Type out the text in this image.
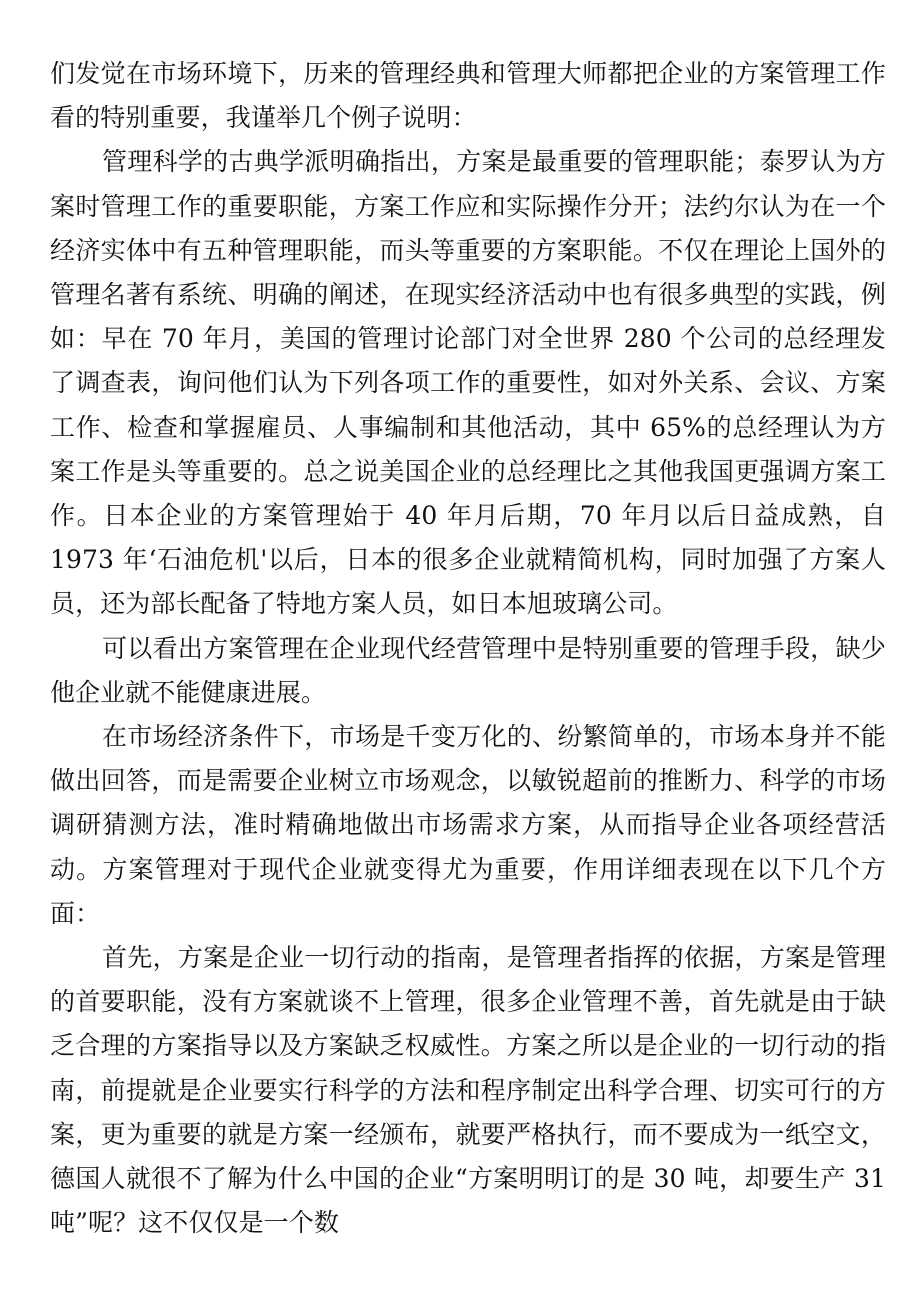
们发觉在市场环境下，历来的管理经典和管理大师都把企业的方案管理工作看的特别重要，我谨举几个例子说明：

管理科学的古典学派明确指出，方案是最重要的管理职能；泰罗认为方案时管理工作的重要职能，方案工作应和实际操作分开；法约尔认为在一个经济实体中有五种管理职能，而头等重要的方案职能。不仅在理论上国外的管理名著有系统、明确的阐述，在现实经济活动中也有很多典型的实践，例如：早在 70 年月，美国的管理讨论部门对全世界 280 个公司的总经理发了调查表，询问他们认为下列各项工作的重要性，如对外关系、会议、方案工作、检查和掌握雇员、人事编制和其他活动，其中 65%的总经理认为方案工作是头等重要的。总之说美国企业的总经理比之其他我国更强调方案工作。日本企业的方案管理始于 40 年月后期，70 年月以后日益成熟，自 1973 年‘石油危机'以后，日本的很多企业就精简机构，同时加强了方案人员，还为部长配备了特地方案人员，如日本旭玻璃公司。

可以看出方案管理在企业现代经营管理中是特别重要的管理手段，缺少他企业就不能健康进展。

在市场经济条件下，市场是千变万化的、纷繁简单的，市场本身并不能做出回答，而是需要企业树立市场观念，以敏锐超前的推断力、科学的市场调研猜测方法，准时精确地做出市场需求方案，从而指导企业各项经营活动。方案管理对于现代企业就变得尤为重要，作用详细表现在以下几个方面：

首先，方案是企业一切行动的指南，是管理者指挥的依据，方案是管理的首要职能，没有方案就谈不上管理，很多企业管理不善，首先就是由于缺乏合理的方案指导以及方案缺乏权威性。方案之所以是企业的一切行动的指南，前提就是企业要实行科学的方法和程序制定出科学合理、切实可行的方案，更为重要的就是方案一经颁布，就要严格执行，而不要成为一纸空文，德国人就很不了解为什么中国的企业“方案明明订的是 30 吨，却要生产 31 吨”呢？这不仅仅是一个数
